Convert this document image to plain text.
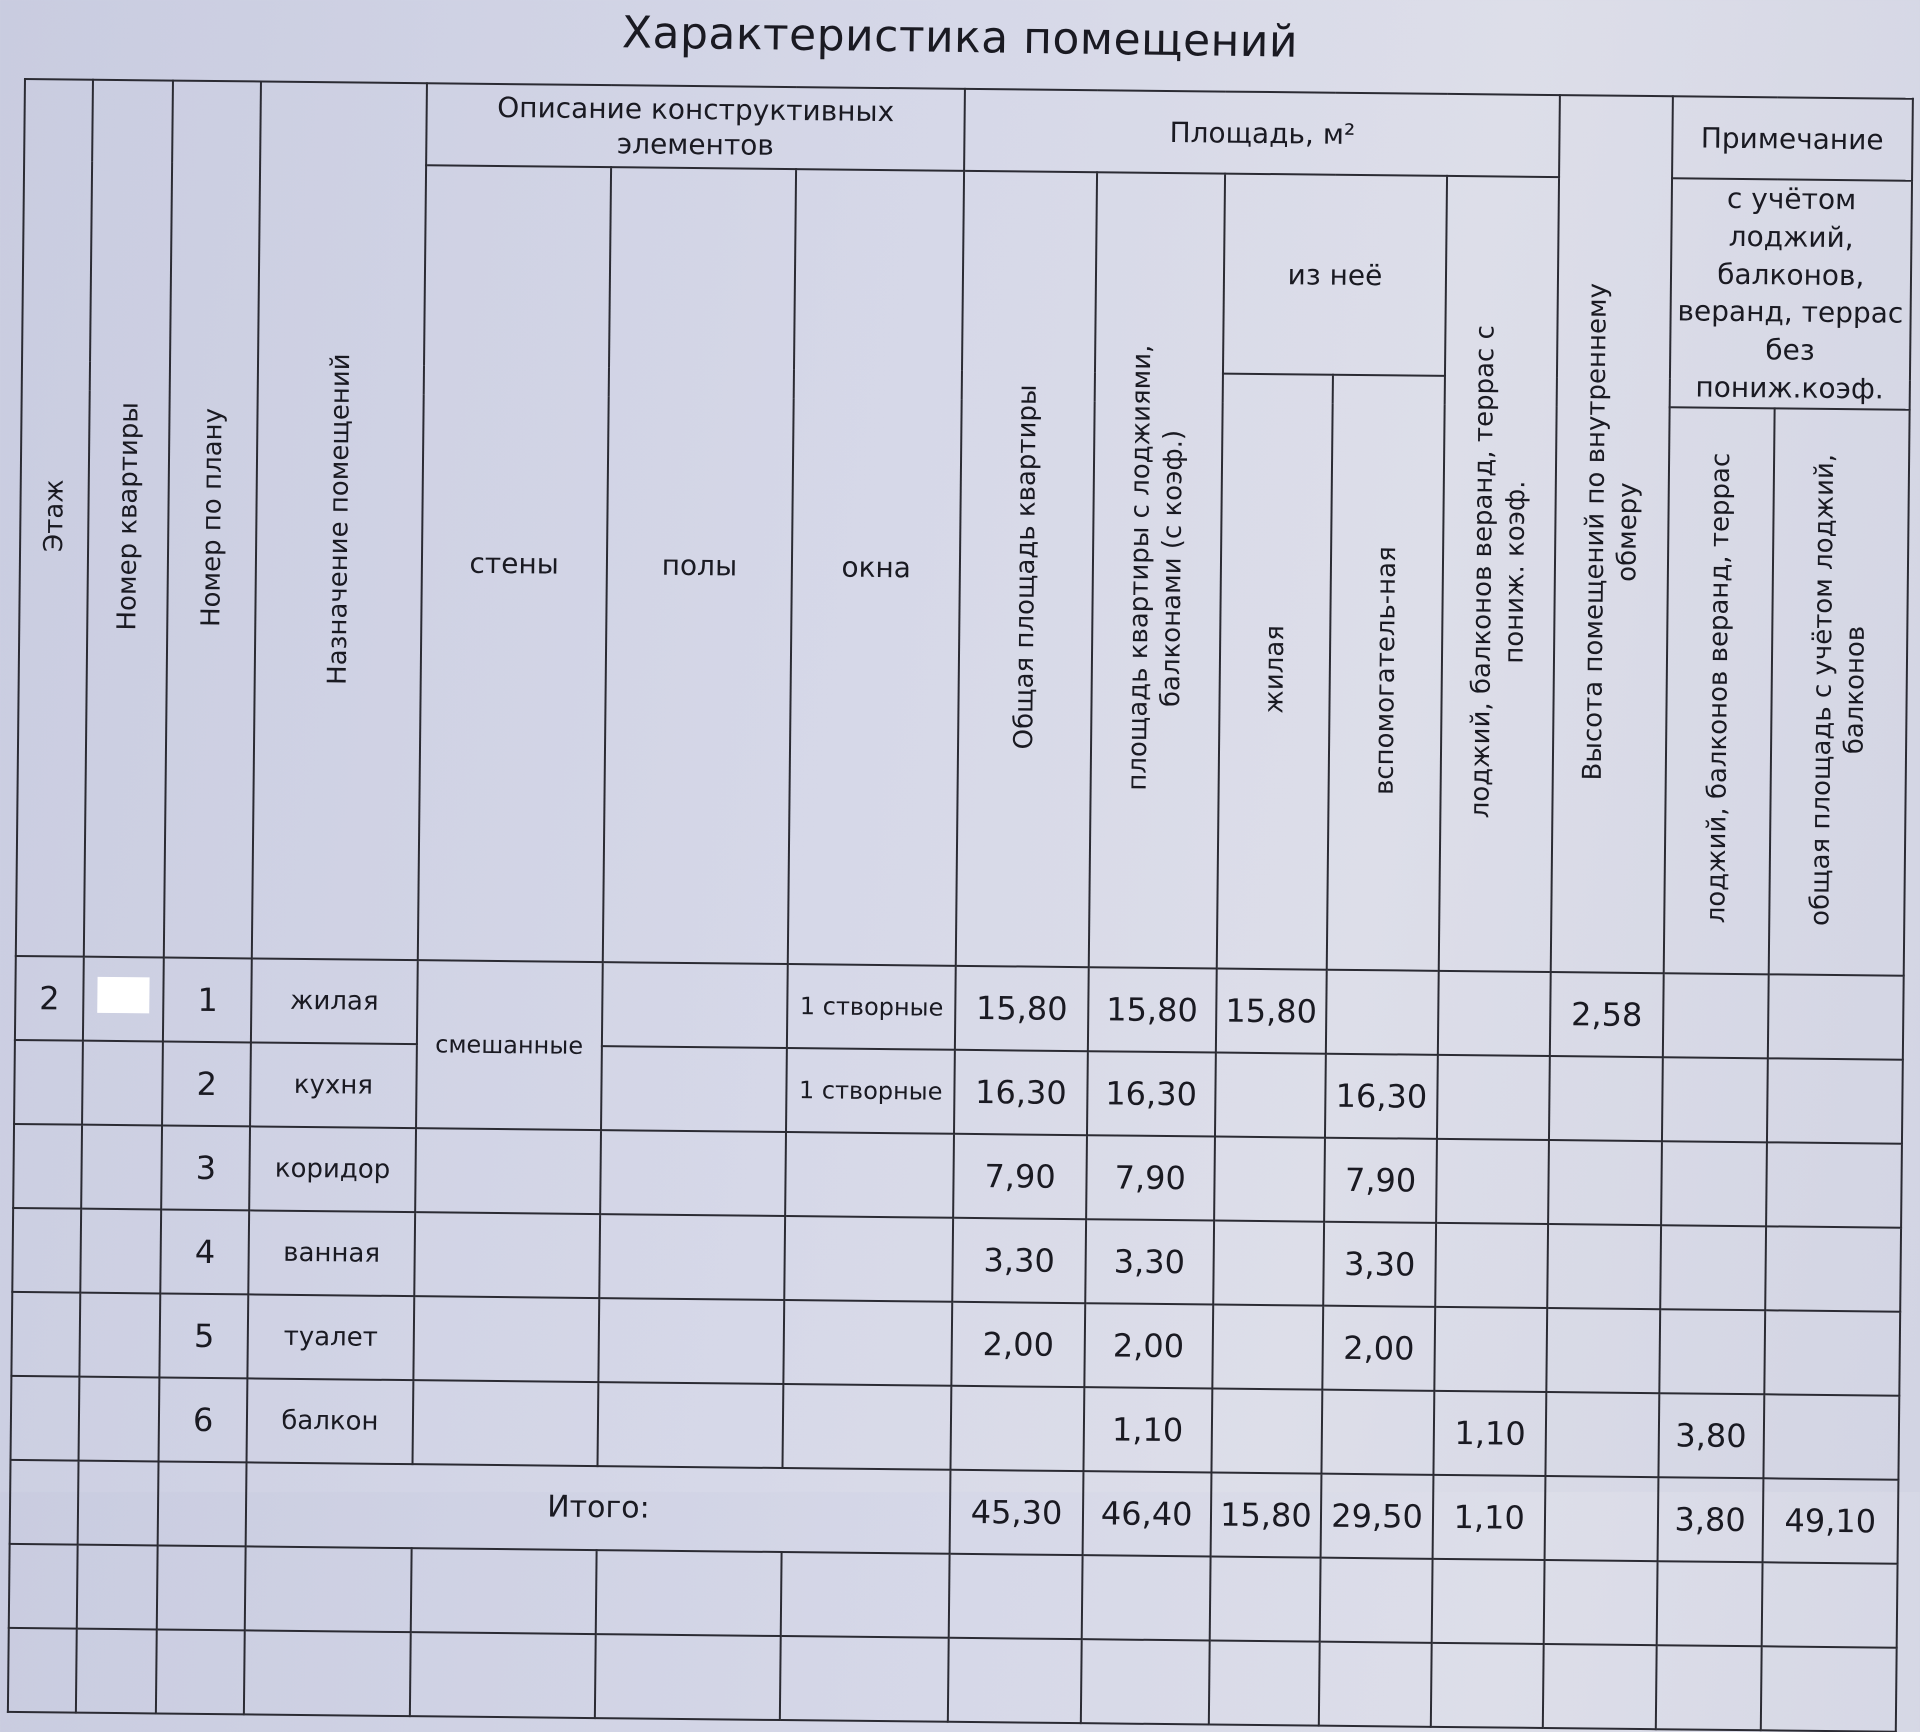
Характеристика помещений
Этаж	Номер квартиры	Номер по плану	Назначение помещений	Описание конструктивных элементов			Площадь, м²					Высота помещений по внутреннему обмеру	Примечание	
				стены	полы	окна	Общая площадь квартиры	площадь квартиры с лоджиями, балконами (с коэф.)	из неё		лоджий, балконов веранд, террас с пониж. коэф.		с учётом лоджий, балконов, веранд, террас без пониж.коэф.	
									жилая	вспомогатель-ная				
													лоджий, балконов веранд, террас	общая площадь с учётом лоджий, балконов
2		1	жилая	смешанные		1 створные	15,80	15,80	15,80			2,58		
		2	кухня			1 створные	16,30	16,30		16,30				
		3	коридор				7,90	7,90		7,90				
		4	ванная				3,30	3,30		3,30				
		5	туалет				2,00	2,00		2,00				
		6	балкон					1,10			1,10		3,80	
			Итого:				45,30	46,40	15,80	29,50	1,10		3,80	49,10
